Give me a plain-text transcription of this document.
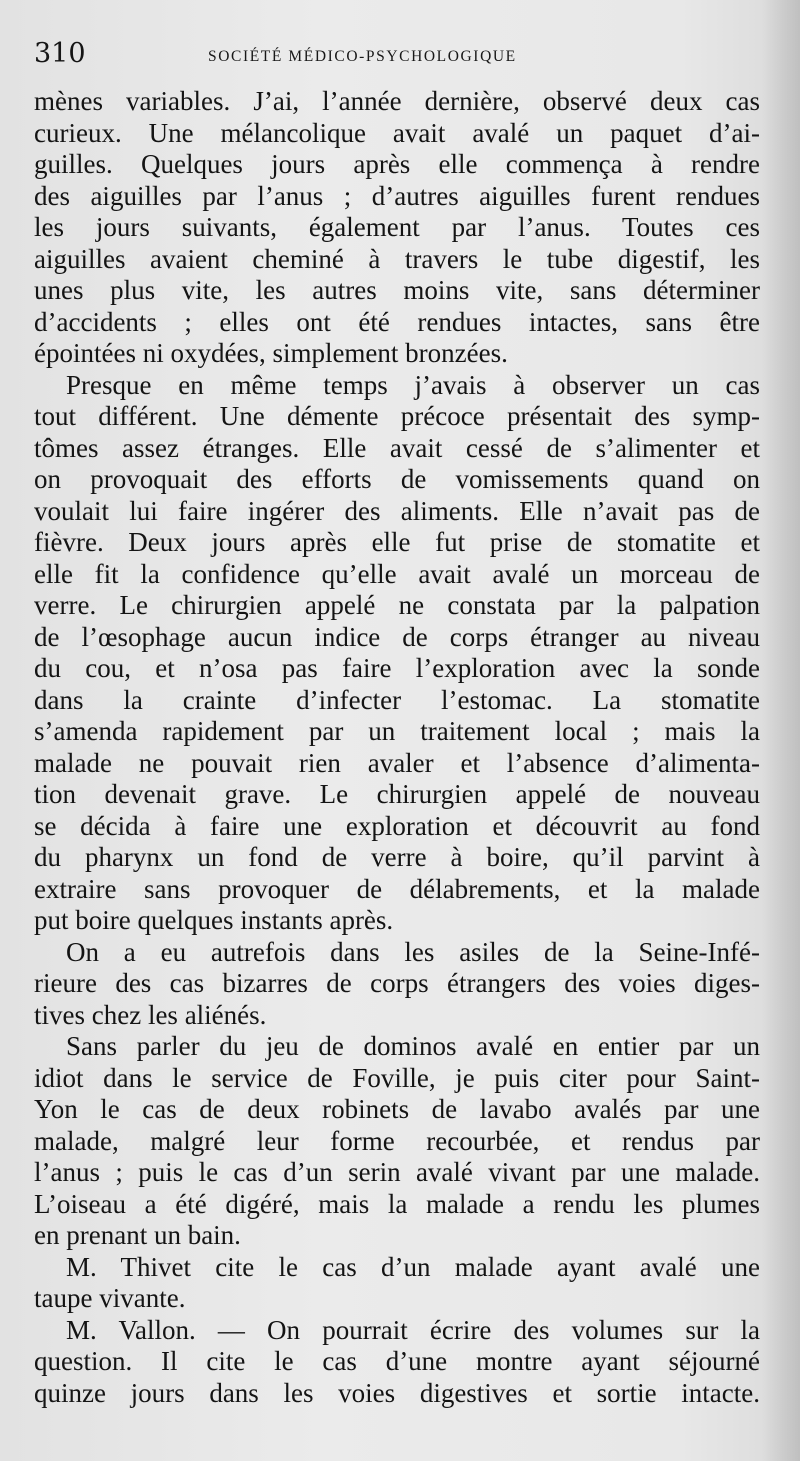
310	SOCIÉTÉ MÉDICO-PSYCHOLOGIQUE
mènes variables. J’ai, l’année dernière, observé deux cas
curieux. Une mélancolique avait avalé un paquet d’ai-
guilles. Quelques jours après elle commença à rendre
des aiguilles par l’anus ; d’autres aiguilles furent rendues
les jours suivants, également par l’anus. Toutes ces
aiguilles avaient cheminé à travers le tube digestif, les
unes plus vite, les autres moins vite, sans déterminer
d’accidents ; elles ont été rendues intactes, sans être
épointées ni oxydées, simplement bronzées.
Presque en même temps j’avais à observer un cas
tout différent. Une démente précoce présentait des symp-
tômes assez étranges. Elle avait cessé de s’alimenter et
on provoquait des efforts de vomissements quand on
voulait lui faire ingérer des aliments. Elle n’avait pas de
fièvre. Deux jours après elle fut prise de stomatite et
elle fit la confidence qu’elle avait avalé un morceau de
verre. Le chirurgien appelé ne constata par la palpation
de l’œsophage aucun indice de corps étranger au niveau
du cou, et n’osa pas faire l’exploration avec la sonde
dans la crainte d’infecter l’estomac. La stomatite
s’amenda rapidement par un traitement local ; mais la
malade ne pouvait rien avaler et l’absence d’alimenta-
tion devenait grave. Le chirurgien appelé de nouveau
se décida à faire une exploration et découvrit au fond
du pharynx un fond de verre à boire, qu’il parvint à
extraire sans provoquer de délabrements, et la malade
put boire quelques instants après.
On a eu autrefois dans les asiles de la Seine-Infé-
rieure des cas bizarres de corps étrangers des voies diges-
tives chez les aliénés.
Sans parler du jeu de dominos avalé en entier par un
idiot dans le service de Foville, je puis citer pour Saint-
Yon le cas de deux robinets de lavabo avalés par une
malade, malgré leur forme recourbée, et rendus par
l’anus ; puis le cas d’un serin avalé vivant par une malade.
L’oiseau a été digéré, mais la malade a rendu les plumes
en prenant un bain.
M. Thivet cite le cas d’un malade ayant avalé une
taupe vivante.
M. Vallon. — On pourrait écrire des volumes sur la
question. Il cite le cas d’une montre ayant séjourné
quinze jours dans les voies digestives et sortie intacte.
